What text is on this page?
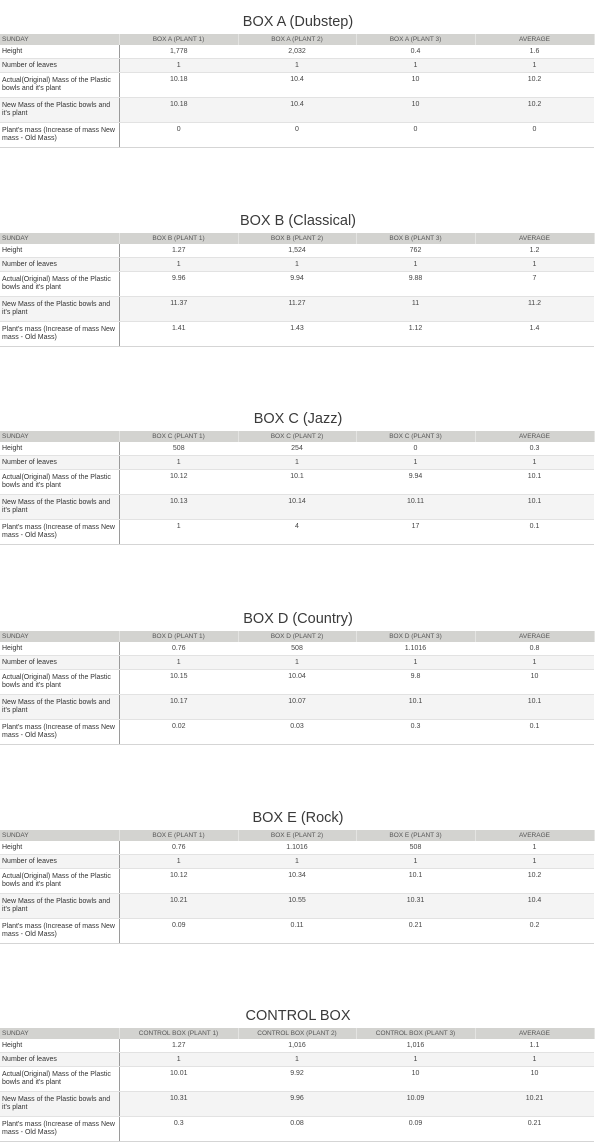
BOX A (Dubstep)
SUNDAY	BOX A (PLANT 1)	BOX A (PLANT 2)	BOX A (PLANT 3)	AVERAGE
Height	1,778	2,032	0.4	1.6
Number of leaves	1	1	1	1
Actual(Original) Mass of the Plastic bowls and it's plant	10.18	10.4	10	10.2
New Mass of the Plastic bowls and it's plant	10.18	10.4	10	10.2
Plant's mass (Increase of mass New mass - Old Mass)	0	0	0	0
BOX B (Classical)
SUNDAY	BOX B (PLANT 1)	BOX B (PLANT 2)	BOX B (PLANT 3)	AVERAGE
Height	1.27	1,524	762	1.2
Number of leaves	1	1	1	1
Actual(Original) Mass of the Plastic bowls and it's plant	9.96	9.94	9.88	7
New Mass of the Plastic bowls and it's plant	11.37	11.27	11	11.2
Plant's mass (Increase of mass New mass - Old Mass)	1.41	1.43	1.12	1.4
BOX C (Jazz)
SUNDAY	BOX C (PLANT 1)	BOX C (PLANT 2)	BOX C (PLANT 3)	AVERAGE
Height	508	254	0	0.3
Number of leaves	1	1	1	1
Actual(Original) Mass of the Plastic bowls and it's plant	10.12	10.1	9.94	10.1
New Mass of the Plastic bowls and it's plant	10.13	10.14	10.11	10.1
Plant's mass (Increase of mass New mass - Old Mass)	1	4	17	0.1
BOX D (Country)
SUNDAY	BOX D (PLANT 1)	BOX D (PLANT 2)	BOX D (PLANT 3)	AVERAGE
Height	0.76	508	1.1016	0.8
Number of leaves	1	1	1	1
Actual(Original) Mass of the Plastic bowls and it's plant	10.15	10.04	9.8	10
New Mass of the Plastic bowls and it's plant	10.17	10.07	10.1	10.1
Plant's mass (Increase of mass New mass - Old Mass)	0.02	0.03	0.3	0.1
BOX E (Rock)
SUNDAY	BOX E (PLANT 1)	BOX E (PLANT 2)	BOX E (PLANT 3)	AVERAGE
Height	0.76	1.1016	508	1
Number of leaves	1	1	1	1
Actual(Original) Mass of the Plastic bowls and it's plant	10.12	10.34	10.1	10.2
New Mass of the Plastic bowls and it's plant	10.21	10.55	10.31	10.4
Plant's mass (Increase of mass New mass - Old Mass)	0.09	0.11	0.21	0.2
CONTROL BOX
SUNDAY	CONTROL BOX (PLANT 1)	CONTROL BOX (PLANT 2)	CONTROL BOX (PLANT 3)	AVERAGE
Height	1.27	1,016	1,016	1.1
Number of leaves	1	1	1	1
Actual(Original) Mass of the Plastic bowls and it's plant	10.01	9.92	10	10
New Mass of the Plastic bowls and it's plant	10.31	9.96	10.09	10.21
Plant's mass (Increase of mass New mass - Old Mass)	0.3	0.08	0.09	0.21
